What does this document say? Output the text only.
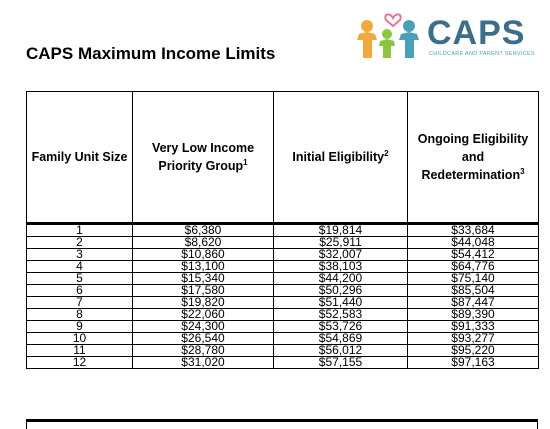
CAPS Maximum Income Limits
CAPS
CHILDCARE AND PARENT SERVICES
Family Unit Size	Very Low Income Priority Group$^1$	Initial Eligibility$^2$	Ongoing Eligibility and Redetermination$^3$
1	$6,380	$19,814	$33,684
2	$8,620	$25,911	$44,048
3	$10,860	$32,007	$54,412
4	$13,100	$38,103	$64,776
5	$15,340	$44,200	$75,140
6	$17,580	$50,296	$85,504
7	$19,820	$51,440	$87,447
8	$22,060	$52,583	$89,390
9	$24,300	$53,726	$91,333
10	$26,540	$54,869	$93,277
11	$28,780	$56,012	$95,220
12	$31,020	$57,155	$97,163
